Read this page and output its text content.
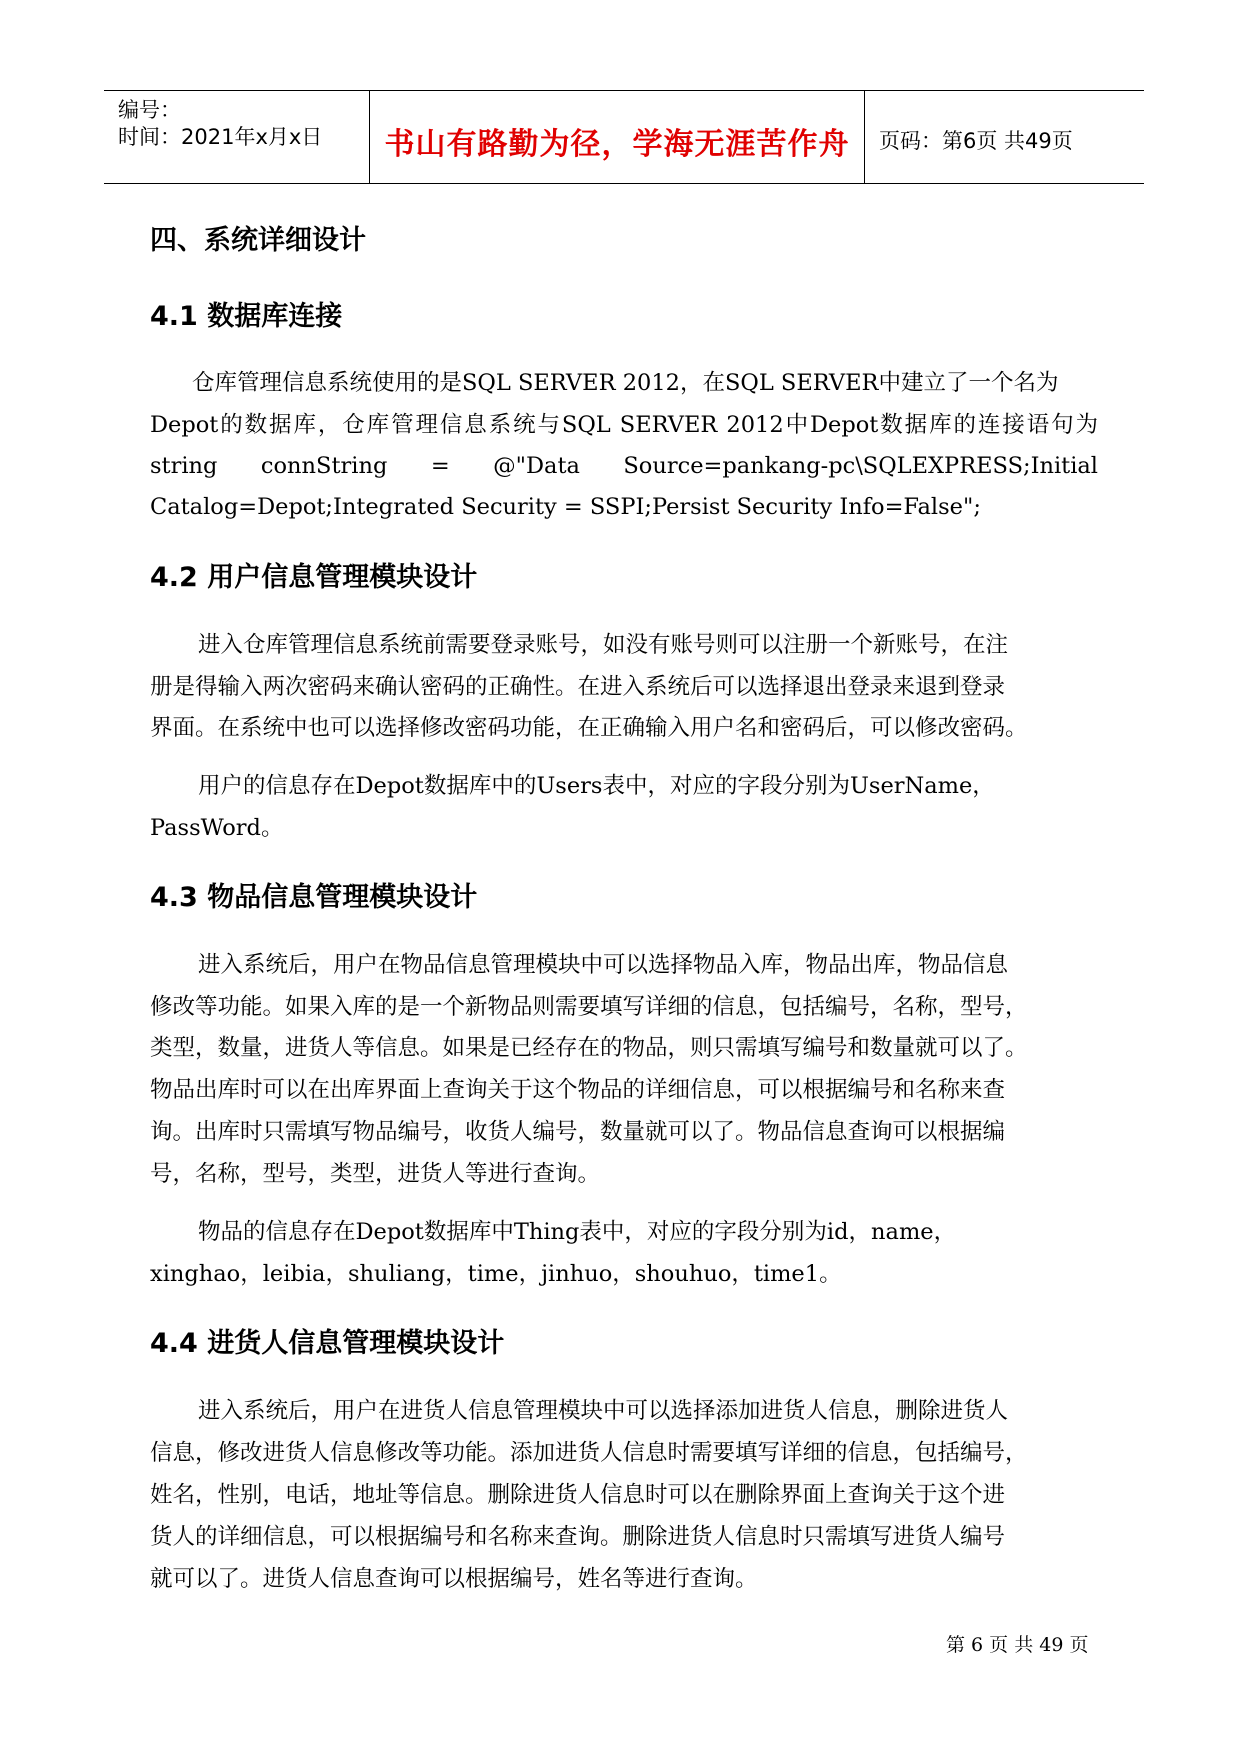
编号：
时间：2021年x月x日	书山有路勤为径，学海无涯苦作舟	页码：第6页 共49页
四、系统详细设计
4.1 数据库连接
仓库管理信息系统使用的是SQL SERVER 2012，在SQL SERVER中建立了一个名为
Depot的数据库，仓库管理信息系统与SQL SERVER 2012中Depot数据库的连接语句为
string connString = @"Data Source=pankang-pc\SQLEXPRESS;Initial
Catalog=Depot;Integrated Security = SSPI;Persist Security Info=False";
4.2 用户信息管理模块设计
进入仓库管理信息系统前需要登录账号，如没有账号则可以注册一个新账号，在注
册是得输入两次密码来确认密码的正确性。在进入系统后可以选择退出登录来退到登录
界面。在系统中也可以选择修改密码功能，在正确输入用户名和密码后，可以修改密码。
用户的信息存在Depot数据库中的Users表中，对应的字段分别为UserName，
PassWord。
4.3 物品信息管理模块设计
进入系统后，用户在物品信息管理模块中可以选择物品入库，物品出库，物品信息
修改等功能。如果入库的是一个新物品则需要填写详细的信息，包括编号，名称，型号，
类型，数量，进货人等信息。如果是已经存在的物品，则只需填写编号和数量就可以了。
物品出库时可以在出库界面上查询关于这个物品的详细信息，可以根据编号和名称来查
询。出库时只需填写物品编号，收货人编号，数量就可以了。物品信息查询可以根据编
号，名称，型号，类型，进货人等进行查询。
物品的信息存在Depot数据库中Thing表中，对应的字段分别为id，name，
xinghao，leibia，shuliang，time，jinhuo，shouhuo，time1。
4.4 进货人信息管理模块设计
进入系统后，用户在进货人信息管理模块中可以选择添加进货人信息，删除进货人
信息，修改进货人信息修改等功能。添加进货人信息时需要填写详细的信息，包括编号，
姓名，性别，电话，地址等信息。删除进货人信息时可以在删除界面上查询关于这个进
货人的详细信息，可以根据编号和名称来查询。删除进货人信息时只需填写进货人编号
就可以了。进货人信息查询可以根据编号，姓名等进行查询。
第 6 页 共 49 页
